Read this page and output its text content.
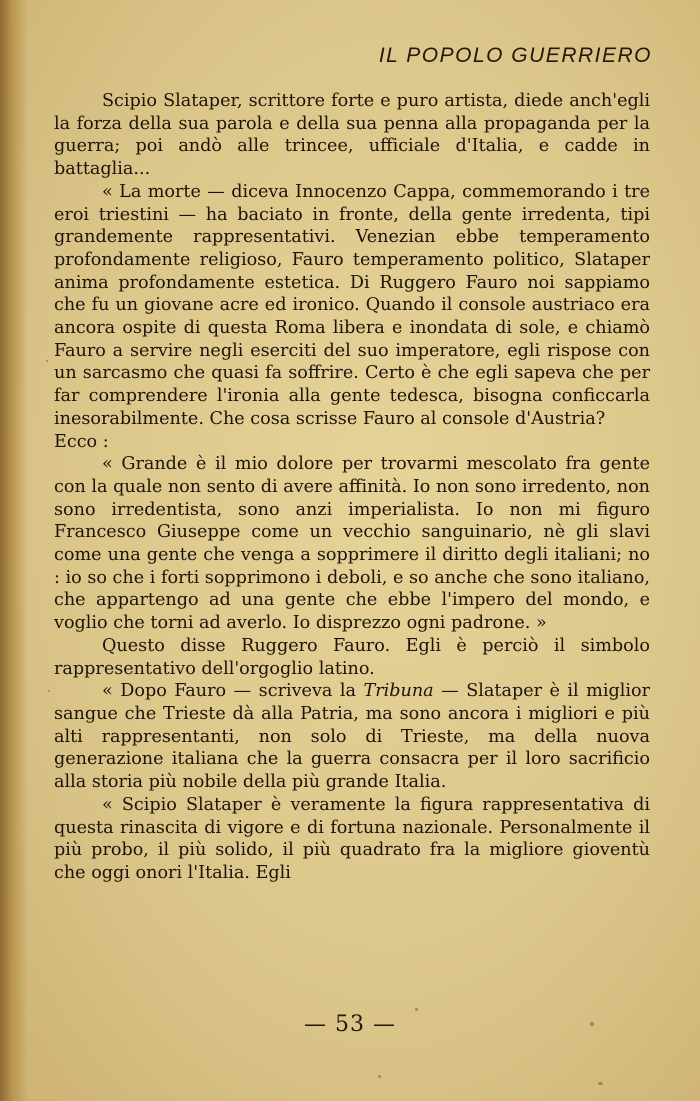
IL POPOLO GUERRIERO

Scipio Slataper, scrittore forte e puro artista, diede anch'egli la forza della sua parola e della sua penna alla propaganda per la guerra; poi andò alle trincee, ufficiale d'Italia, e cadde in battaglia...

« La morte — diceva Innocenzo Cappa, commemorando i tre eroi triestini — ha baciato in fronte, della gente irredenta, tipi grandemente rappresentativi. Venezian ebbe temperamento profondamente religioso, Fauro temperamento politico, Slataper anima profondamente estetica. Di Ruggero Fauro noi sappiamo che fu un giovane acre ed ironico. Quando il console austriaco era ancora ospite di questa Roma libera e inondata di sole, e chiamò Fauro a servire negli eserciti del suo imperatore, egli rispose con un sarcasmo che quasi fa soffrire. Certo è che egli sapeva che per far comprendere l'ironia alla gente tedesca, bisogna conficcarla inesorabilmente. Che cosa scrisse Fauro al console d'Austria?

Ecco :

« Grande è il mio dolore per trovarmi mescolato fra gente con la quale non sento di avere affinità. Io non sono irredento, non sono irredentista, sono anzi imperialista. Io non mi figuro Francesco Giuseppe come un vecchio sanguinario, nè gli slavi come una gente che venga a sopprimere il diritto degli italiani; no : io so che i forti sopprimono i deboli, e so anche che sono italiano, che appartengo ad una gente che ebbe l'impero del mondo, e voglio che torni ad averlo. Io disprezzo ogni padrone. »

Questo disse Ruggero Fauro. Egli è perciò il simbolo rappresentativo dell'orgoglio latino.

« Dopo Fauro — scriveva la Tribuna — Slataper è il miglior sangue che Trieste dà alla Patria, ma sono ancora i migliori e più alti rappresentanti, non solo di Trieste, ma della nuova generazione italiana che la guerra consacra per il loro sacrificio alla storia più nobile della più grande Italia.

« Scipio Slataper è veramente la figura rappresentativa di questa rinascita di vigore e di fortuna nazionale. Personalmente il più probo, il più solido, il più quadrato fra la migliore gioventù che oggi onori l'Italia. Egli

— 53 —
